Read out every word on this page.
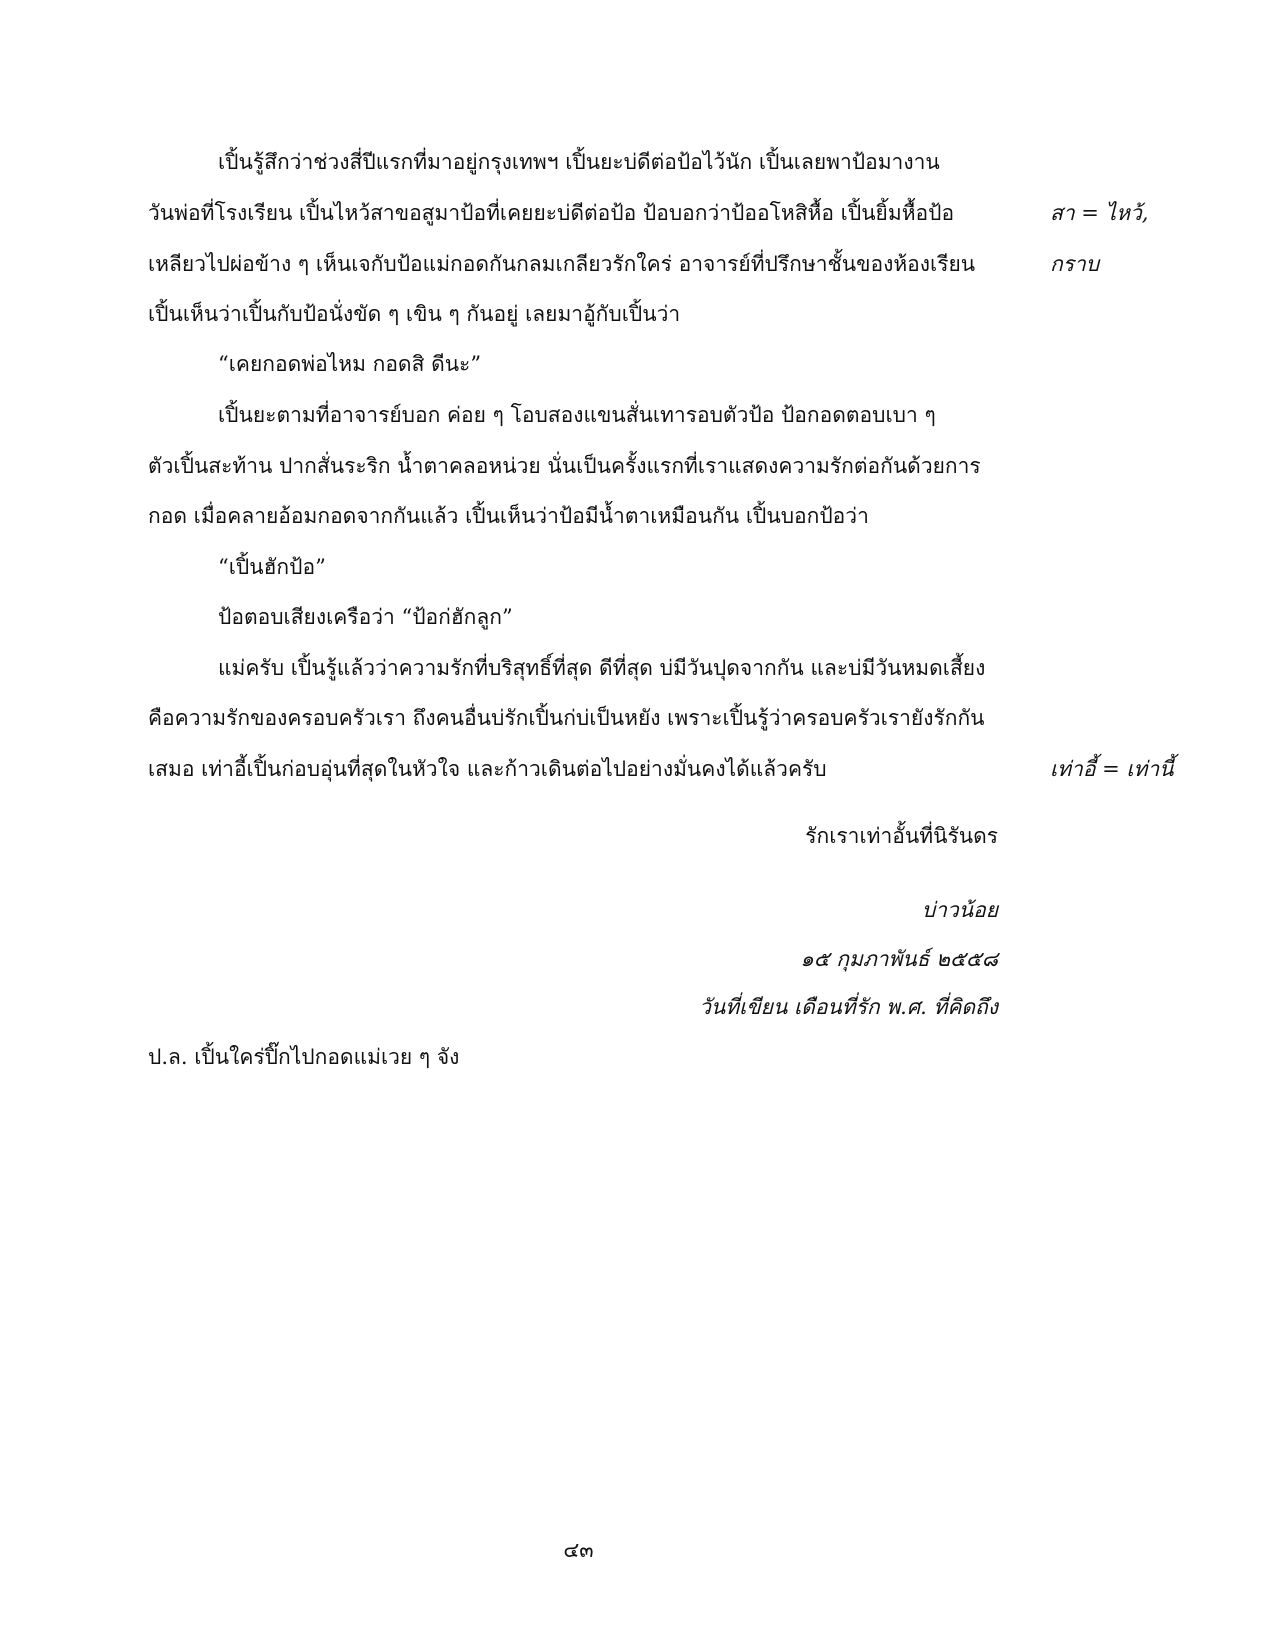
เปิ้นรู้สึกว่าช่วงสี่ปีแรกที่มาอยู่กรุงเทพฯ เปิ้นยะบ่ดีต่อป้อไว้นัก เปิ้นเลยพาป้อมางาน
วันพ่อที่โรงเรียน เปิ้นไหว้สาขอสูมาป้อที่เคยยะบ่ดีต่อป้อ ป้อบอกว่าป้ออโหสิหื้อ เปิ้นยิ้มหื้อป้อ
เหลียวไปผ่อข้าง ๆ เห็นเจกับป้อแม่กอดกันกลมเกลียวรักใคร่ อาจารย์ที่ปรึกษาชั้นของห้องเรียน
เปิ้นเห็นว่าเปิ้นกับป้อนั่งขัด ๆ เขิน ๆ กันอยู่ เลยมาอู้กับเปิ้นว่า
“เคยกอดพ่อไหม กอดสิ ดีนะ”
เปิ้นยะตามที่อาจารย์บอก ค่อย ๆ โอบสองแขนสั่นเทารอบตัวป้อ ป้อกอดตอบเบา ๆ
ตัวเปิ้นสะท้าน ปากสั่นระริก น้ำตาคลอหน่วย นั่นเป็นครั้งแรกที่เราแสดงความรักต่อกันด้วยการ
กอด เมื่อคลายอ้อมกอดจากกันแล้ว เปิ้นเห็นว่าป้อมีน้ำตาเหมือนกัน เปิ้นบอกป้อว่า
“เปิ้นฮักป้อ”
ป้อตอบเสียงเครือว่า “ป้อก่ฮักลูก”
แม่ครับ เปิ้นรู้แล้วว่าความรักที่บริสุทธิ์ที่สุด ดีที่สุด บ่มีวันปุดจากกัน และบ่มีวันหมดเสี้ยง
คือความรักของครอบครัวเรา ถึงคนอื่นบ่รักเปิ้นก่บ่เป็นหยัง เพราะเปิ้นรู้ว่าครอบครัวเรายังรักกัน
เสมอ เท่าอี้เปิ้นก่อบอุ่นที่สุดในหัวใจ และก้าวเดินต่อไปอย่างมั่นคงได้แล้วครับ
สา = ไหว้,
กราบ
เท่าอี้ = เท่านี้
รักเราเท่าอั้นที่นิรันดร
บ่าวน้อย
๑๕ กุมภาพันธ์ ๒๕๕๘
วันที่เขียน เดือนที่รัก พ.ศ. ที่คิดถึง
ป.ล. เปิ้นใคร่ปิ๊กไปกอดแม่เวย ๆ จัง
๔๓
